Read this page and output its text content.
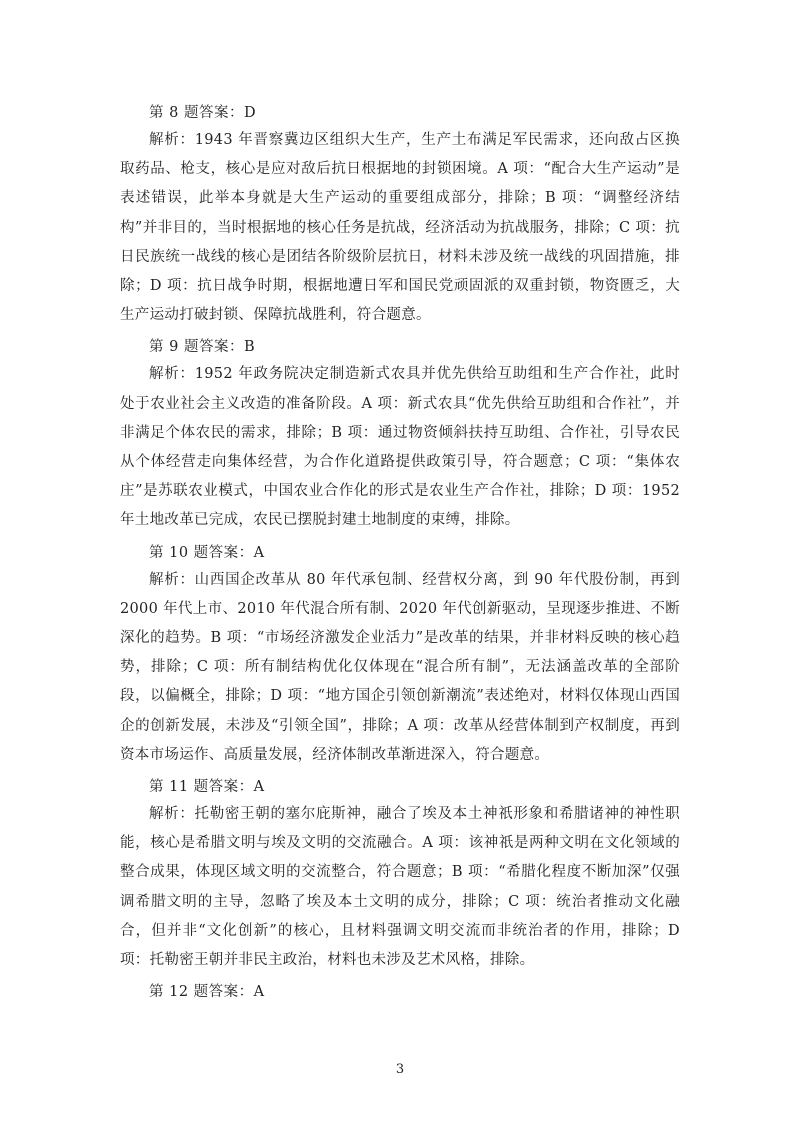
第 8 题答案：D

解析：1943 年晋察冀边区组织大生产，生产土布满足军民需求，还向敌占区换取药品、枪支，核心是应对敌后抗日根据地的封锁困境。A 项：“配合大生产运动”是表述错误，此举本身就是大生产运动的重要组成部分，排除；B 项：“调整经济结构”并非目的，当时根据地的核心任务是抗战，经济活动为抗战服务，排除；C 项：抗日民族统一战线的核心是团结各阶级阶层抗日，材料未涉及统一战线的巩固措施，排除；D 项：抗日战争时期，根据地遭日军和国民党顽固派的双重封锁，物资匮乏，大生产运动打破封锁、保障抗战胜利，符合题意。

第 9 题答案：B

解析：1952 年政务院决定制造新式农具并优先供给互助组和生产合作社，此时处于农业社会主义改造的准备阶段。A 项：新式农具“优先供给互助组和合作社”，并非满足个体农民的需求，排除；B 项：通过物资倾斜扶持互助组、合作社，引导农民从个体经营走向集体经营，为合作化道路提供政策引导，符合题意；C 项：“集体农庄”是苏联农业模式，中国农业合作化的形式是农业生产合作社，排除；D 项：1952 年土地改革已完成，农民已摆脱封建土地制度的束缚，排除。

第 10 题答案：A

解析：山西国企改革从 80 年代承包制、经营权分离，到 90 年代股份制，再到 2000 年代上市、2010 年代混合所有制、2020 年代创新驱动，呈现逐步推进、不断深化的趋势。B 项：“市场经济激发企业活力”是改革的结果，并非材料反映的核心趋势，排除；C 项：所有制结构优化仅体现在“混合所有制”，无法涵盖改革的全部阶段，以偏概全，排除；D 项：“地方国企引领创新潮流”表述绝对，材料仅体现山西国企的创新发展，未涉及“引领全国”，排除；A 项：改革从经营体制到产权制度，再到资本市场运作、高质量发展，经济体制改革渐进深入，符合题意。

第 11 题答案：A

解析：托勒密王朝的塞尔庇斯神，融合了埃及本土神祇形象和希腊诸神的神性职能，核心是希腊文明与埃及文明的交流融合。A 项：该神祇是两种文明在文化领域的整合成果，体现区域文明的交流整合，符合题意；B 项：“希腊化程度不断加深”仅强调希腊文明的主导，忽略了埃及本土文明的成分，排除；C 项：统治者推动文化融合，但并非“文化创新”的核心，且材料强调文明交流而非统治者的作用，排除；D 项：托勒密王朝并非民主政治，材料也未涉及艺术风格，排除。

第 12 题答案：A

3
